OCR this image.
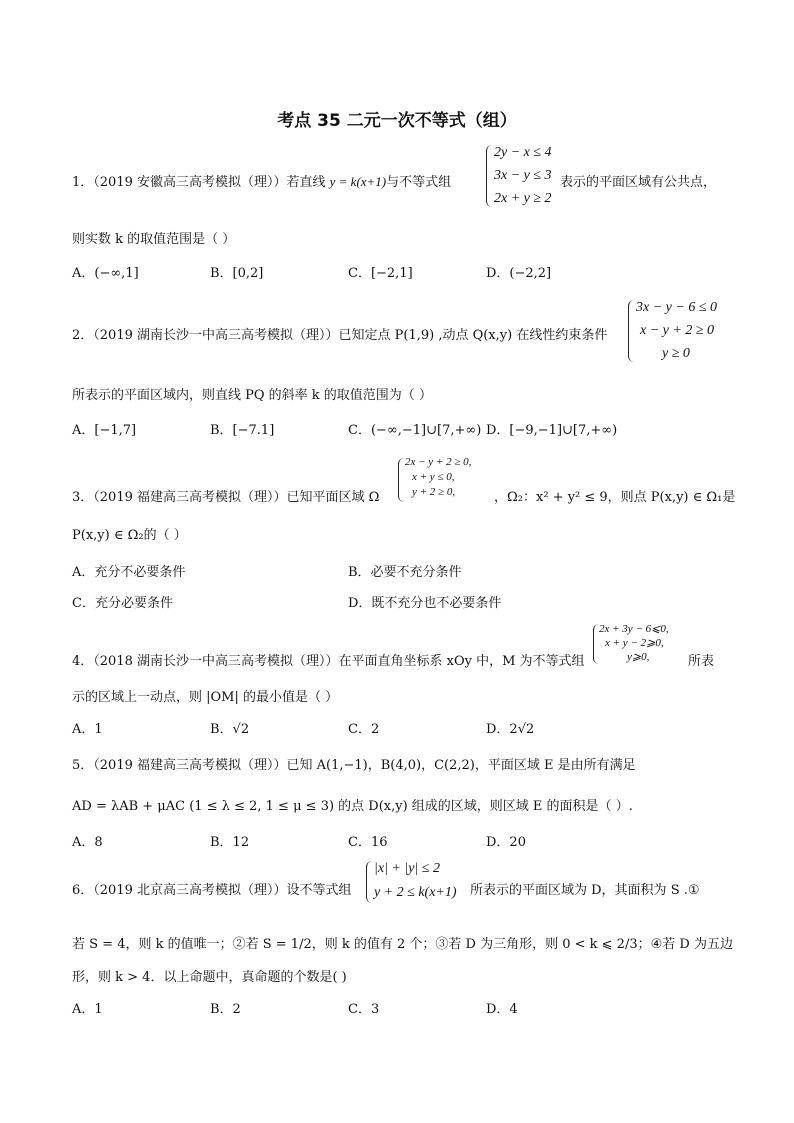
考点 35 二元一次不等式（组）
1．（2019 安徽高三高考模拟（理））若直线 y = k(x+1)与不等式组
2y − x ≤ 4
3x − y ≤ 3
2x + y ≥ 2
表示的平面区域有公共点，
则实数 k 的取值范围是（ ）
A．(−∞,1]	B．[0,2]	C．[−2,1]	D．(−2,2]
2．（2019 湖南长沙一中高三高考模拟（理））已知定点 P(1,9) ,动点 Q(x,y) 在线性约束条件
3x − y − 6 ≤ 0
x − y + 2 ≥ 0
y ≥ 0
所表示的平面区域内，则直线 PQ 的斜率 k 的取值范围为（ ）
A．[−1,7]	B．[−7.1]	C．(−∞,−1]∪[7,+∞) D．[−9,−1]∪[7,+∞)
3．（2019 福建高三高考模拟（理））已知平面区域 Ω
2x − y + 2 ≥ 0,
x + y ≤ 0,
y + 2 ≥ 0,	，Ω₂：x² + y² ≤ 9，则点 P(x,y) ∈ Ω₁是
P(x,y) ∈ Ω₂的（ ）
A．充分不必要条件	B．必要不充分条件
C．充分必要条件	D．既不充分也不必要条件
4．（2018 湖南长沙一中高三高考模拟（理））在平面直角坐标系 xOy 中，M 为不等式组
2x + 3y − 6⩽0,
x + y − 2⩾0,
y⩾0,	所表
示的区域上一动点，则 |OM| 的最小值是（ ）
A．1	B．√2	C．2	D．2√2
5．（2019 福建高三高考模拟（理））已知 A(1,−1)，B(4,0)，C(2,2)，平面区域 E 是由所有满足
AD = λAB + μAC (1 ≤ λ ≤ 2, 1 ≤ μ ≤ 3) 的点 D(x,y) 组成的区域，则区域 E 的面积是（ ）.
A．8	B．12	C．16	D．20
6．（2019 北京高三高考模拟（理））设不等式组
|x| + |y| ≤ 2
y + 2 ≤ k(x+1) 所表示的平面区域为 D，其面积为 S .①
若 S = 4，则 k 的值唯一；②若 S = 1/2，则 k 的值有 2 个；③若 D 为三角形，则 0 < k ⩽ 2/3；④若 D 为五边
形，则 k > 4．以上命题中，真命题的个数是( )
A．1	B．2	C．3	D．4
